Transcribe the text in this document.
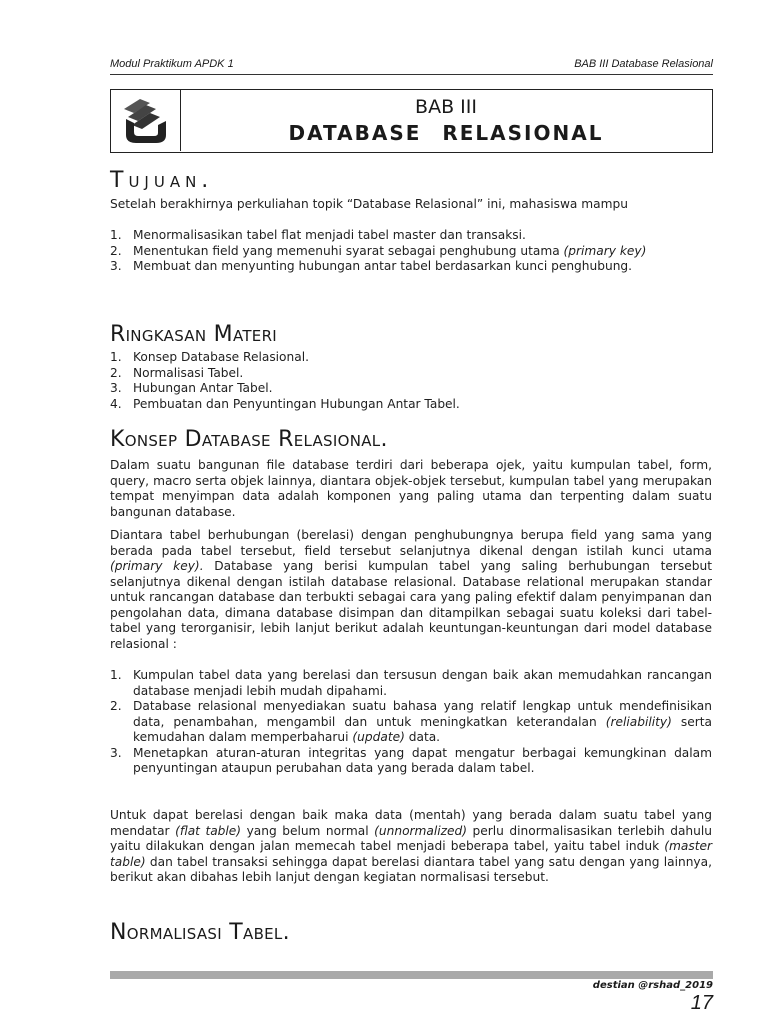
Modul Praktikum APDK 1	BAB III Database Relasional
BAB III
DATABASE RELASIONAL
Tujuan.

Setelah berakhirnya perkuliahan topik “Database Relasional” ini, mahasiswa mampu

1. Menormalisasikan tabel flat menjadi tabel master dan transaksi.
2. Menentukan field yang memenuhi syarat sebagai penghubung utama (primary key)
3. Membuat dan menyunting hubungan antar tabel berdasarkan kunci penghubung.
Ringkasan Materi
1. Konsep Database Relasional.
2. Normalisasi Tabel.
3. Hubungan Antar Tabel.
4. Pembuatan dan Penyuntingan Hubungan Antar Tabel.
Konsep Database Relasional.

Dalam suatu bangunan file database terdiri dari beberapa ojek, yaitu kumpulan tabel, form, query, macro serta objek lainnya, diantara objek-objek tersebut, kumpulan tabel yang merupakan tempat menyimpan data adalah komponen yang paling utama dan terpenting dalam suatu bangunan database.

Diantara tabel berhubungan (berelasi) dengan penghubungnya berupa field yang sama yang berada pada tabel tersebut, field tersebut selanjutnya dikenal dengan istilah kunci utama (primary key). Database yang berisi kumpulan tabel yang saling berhubungan tersebut selanjutnya dikenal dengan istilah database relasional. Database relational merupakan standar untuk rancangan database dan terbukti sebagai cara yang paling efektif dalam penyimpanan dan pengolahan data, dimana database disimpan dan ditampilkan sebagai suatu koleksi dari tabel-tabel yang terorganisir, lebih lanjut berikut adalah keuntungan-keuntungan dari model database relasional :

1. Kumpulan tabel data yang berelasi dan tersusun dengan baik akan memudahkan rancangan database menjadi lebih mudah dipahami.
2. Database relasional menyediakan suatu bahasa yang relatif lengkap untuk mendefinisikan data, penambahan, mengambil dan untuk meningkatkan keterandalan (reliability) serta kemudahan dalam memperbaharui (update) data.
3. Menetapkan aturan-aturan integritas yang dapat mengatur berbagai kemungkinan dalam penyuntingan ataupun perubahan data yang berada dalam tabel.

Untuk dapat berelasi dengan baik maka data (mentah) yang berada dalam suatu tabel yang mendatar (flat table) yang belum normal (unnormalized) perlu dinormalisasikan terlebih dahulu yaitu dilakukan dengan jalan memecah tabel menjadi beberapa tabel, yaitu tabel induk (master table) dan tabel transaksi sehingga dapat berelasi diantara tabel yang satu dengan yang lainnya, berikut akan dibahas lebih lanjut dengan kegiatan normalisasi tersebut.

Normalisasi Tabel.
destian @rshad_2019
17
